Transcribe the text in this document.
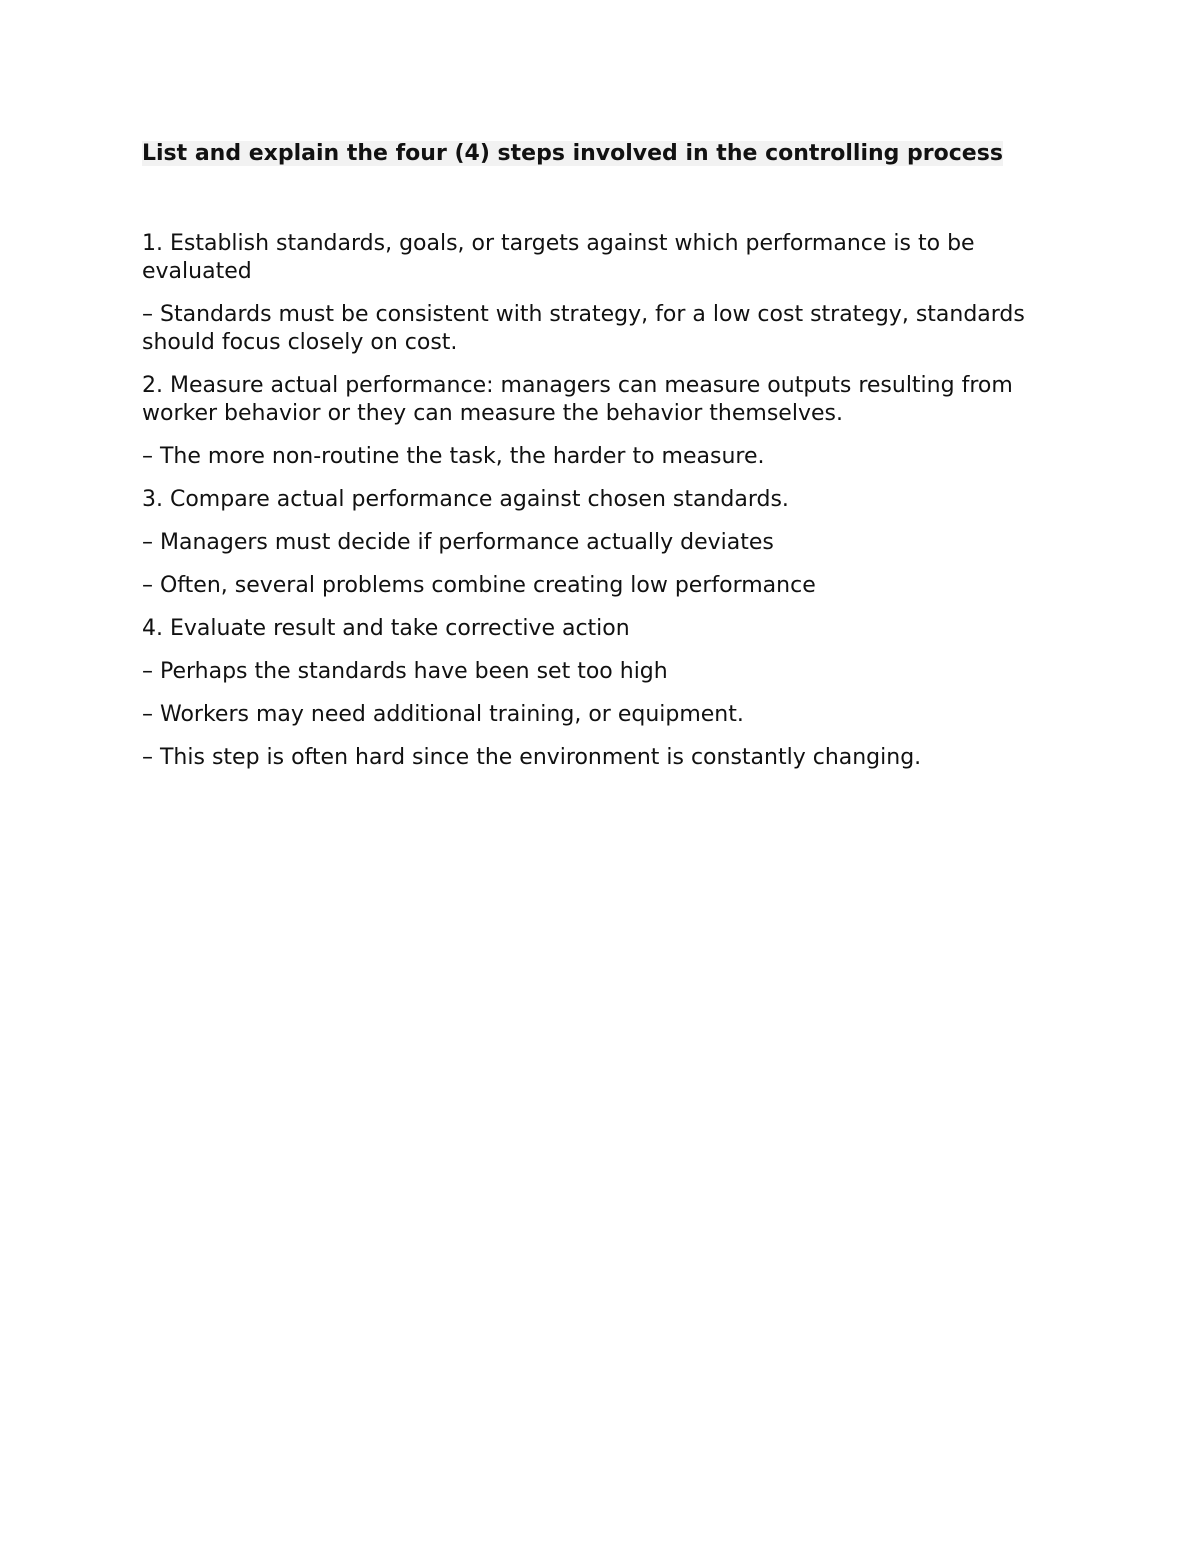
List and explain the four (4) steps involved in the controlling process

1. Establish standards, goals, or targets against which performance is to be evaluated

– Standards must be consistent with strategy, for a low cost strategy, standards should focus closely on cost.

2. Measure actual performance: managers can measure outputs resulting from worker behavior or they can measure the behavior themselves.

– The more non-routine the task, the harder to measure.

3. Compare actual performance against chosen standards.

– Managers must decide if performance actually deviates

– Often, several problems combine creating low performance

4. Evaluate result and take corrective action

– Perhaps the standards have been set too high

– Workers may need additional training, or equipment.

– This step is often hard since the environment is constantly changing.
